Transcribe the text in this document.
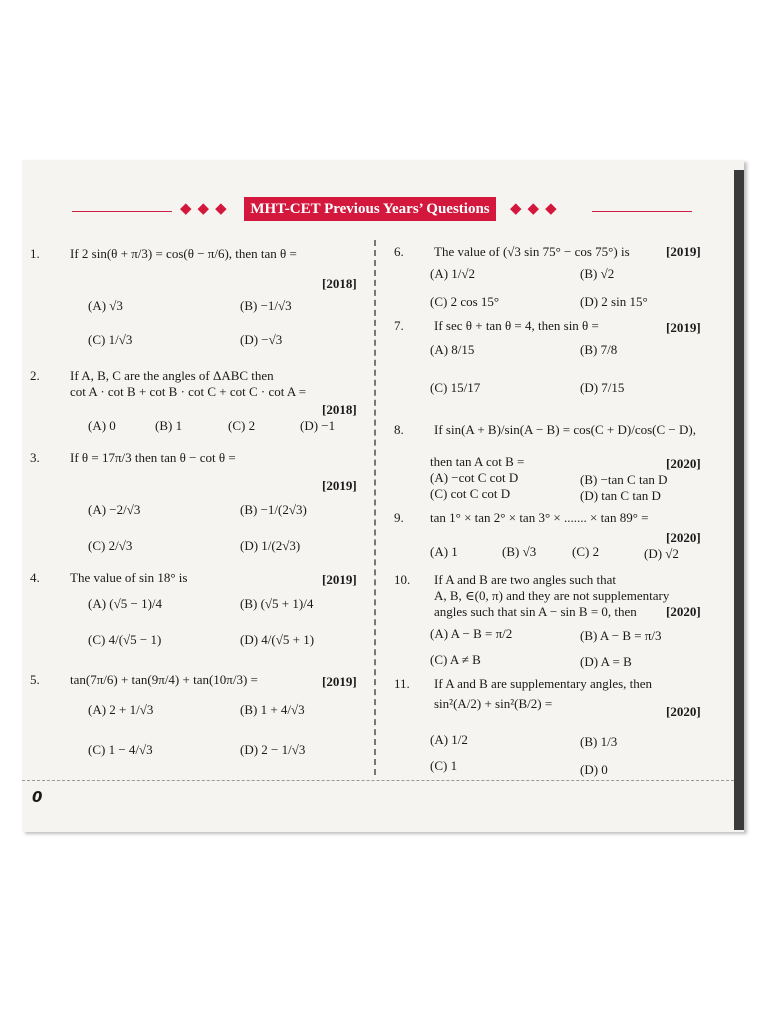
◆◆◆	MHT-CET Previous Years’ Questions	◆◆◆
1. If 2 sin(θ + π/3) = cos(θ − π/6), then tan θ =
[2018]
(A) √3	(B) −1/√3
(C) 1/√3	(D) −√3
2. If A, B, C are the angles of ΔABC then
cot A · cot B + cot B · cot C + cot C · cot A =
[2018]
(A) 0	(B) 1	(C) 2	(D) −1
3. If θ = 17π/3 then tan θ − cot θ =
[2019]
(A) −2/√3	(B) −1/(2√3)
(C) 2/√3	(D) 1/(2√3)
4. The value of sin 18° is	[2019]
(A) (√5 − 1)/4	(B) (√5 + 1)/4
(C) 4/(√5 − 1)	(D) 4/(√5 + 1)
5. tan(7π/6) + tan(9π/4) + tan(10π/3) =	[2019]
(A) 2 + 1/√3	(B) 1 + 4/√3
(C) 1 − 4/√3	(D) 2 − 1/√3
6. The value of (√3 sin 75° − cos 75°) is	[2019]
(A) 1/√2	(B) √2
(C) 2 cos 15°	(D) 2 sin 15°
7. If sec θ + tan θ = 4, then sin θ =	[2019]
(A) 8/15	(B) 7/8
(C) 15/17	(D) 7/15
8. If sin(A + B)/sin(A − B) = cos(C + D)/cos(C − D),
then tan A cot B =	[2020]
(A) −cot C cot D	(B) −tan C tan D
(C) cot C cot D	(D) tan C tan D
9. tan 1° × tan 2° × tan 3° × ....... × tan 89° =
[2020]
(A) 1	(B) √3	(C) 2	(D) √2
10. If A and B are two angles such that
A, B, ∈(0, π) and they are not supplementary
angles such that sin A − sin B = 0, then [2020]
(A) A − B = π/2	(B) A − B = π/3
(C) A ≠ B	(D) A = B
11. If A and B are supplementary angles, then
sin²(A/2) + sin²(B/2) =
[2020]
(A) 1/2	(B) 1/3
(C) 1	(D) 0
0
